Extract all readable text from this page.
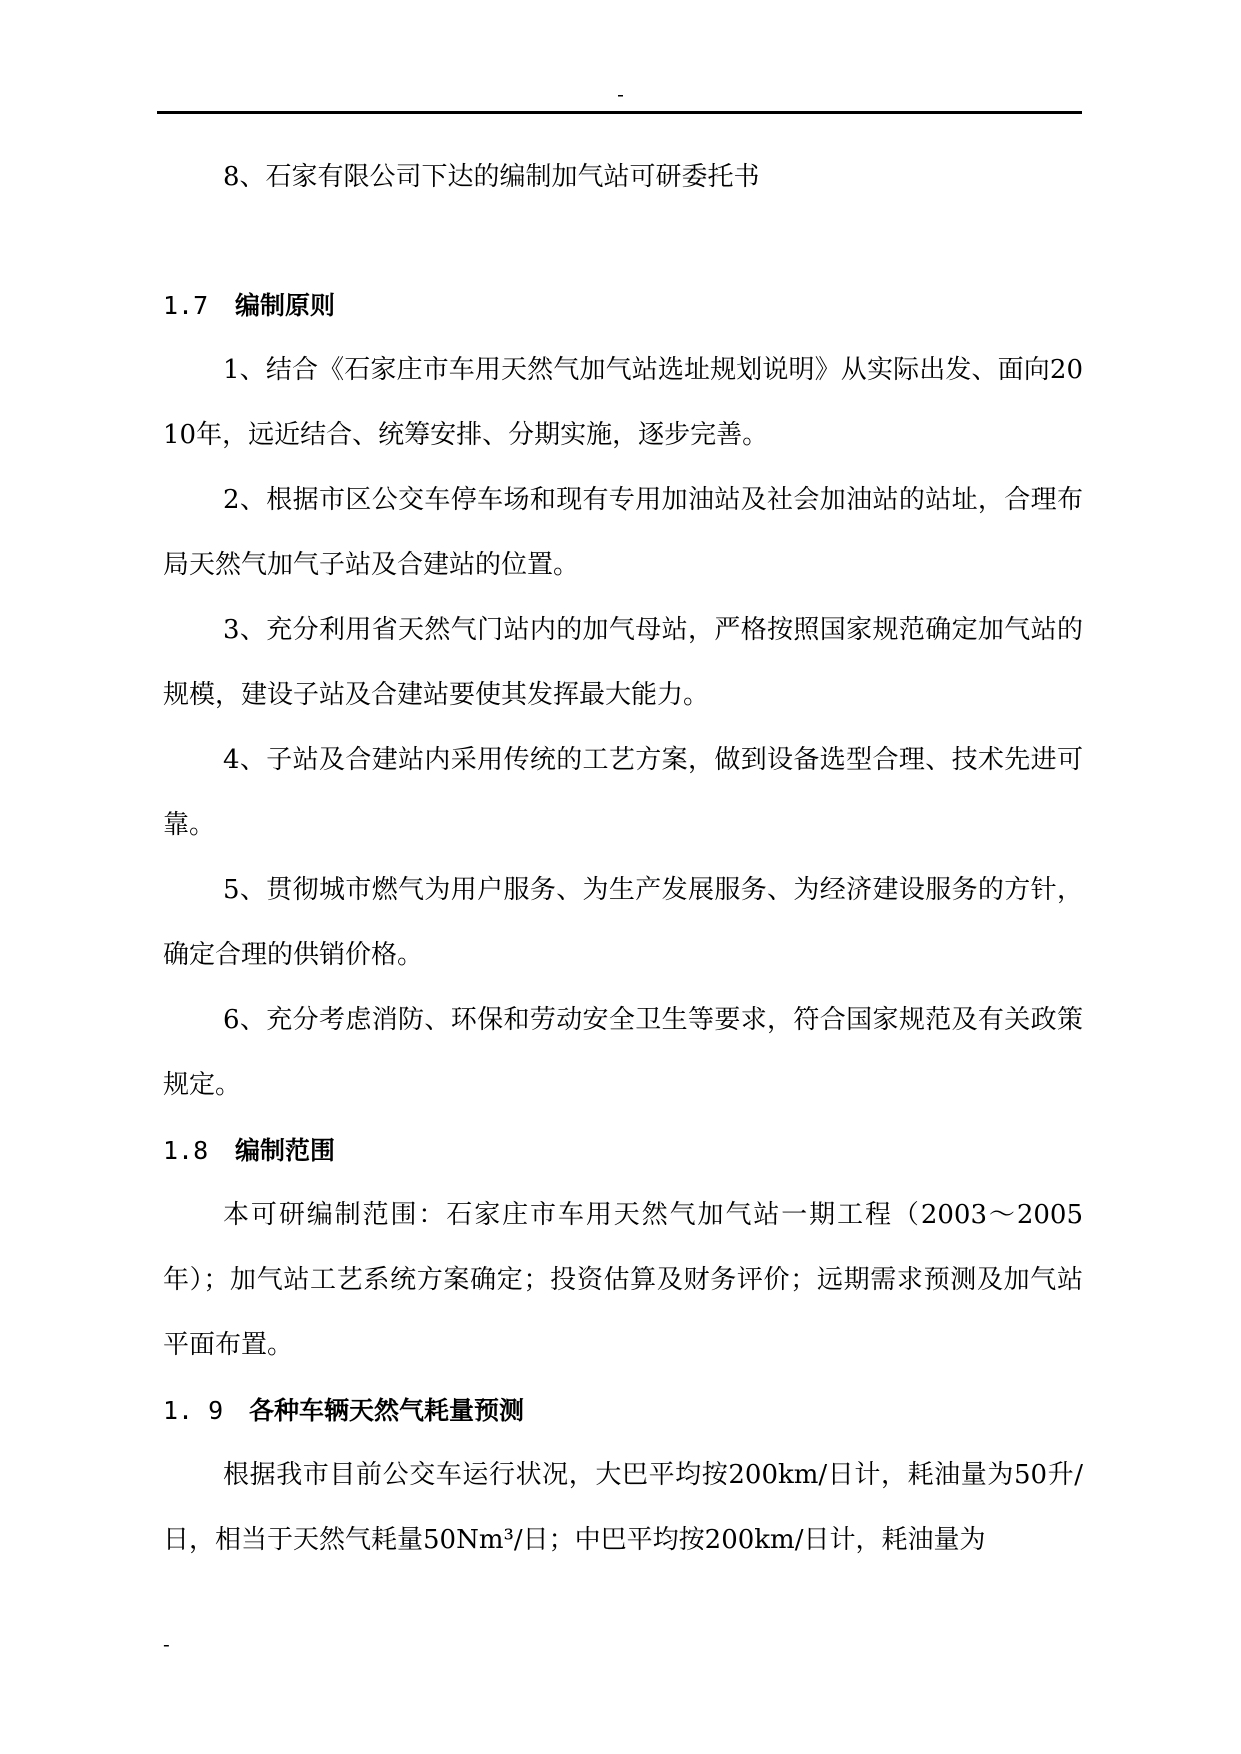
-

8、石家有限公司下达的编制加气站可研委托书

1.7 编制原则

1、结合《石家庄市车用天然气加气站选址规划说明》从实际出发、面向2010年，远近结合、统筹安排、分期实施，逐步完善。

2、根据市区公交车停车场和现有专用加油站及社会加油站的站址，合理布局天然气加气子站及合建站的位置。

3、充分利用省天然气门站内的加气母站，严格按照国家规范确定加气站的规模，建设子站及合建站要使其发挥最大能力。

4、子站及合建站内采用传统的工艺方案，做到设备选型合理、技术先进可靠。

5、贯彻城市燃气为用户服务、为生产发展服务、为经济建设服务的方针，确定合理的供销价格。

6、充分考虑消防、环保和劳动安全卫生等要求，符合国家规范及有关政策规定。

1.8 编制范围

本可研编制范围：石家庄市车用天然气加气站一期工程（2003～2005年）；加气站工艺系统方案确定；投资估算及财务评价；远期需求预测及加气站平面布置。

1. 9 各种车辆天然气耗量预测

根据我市目前公交车运行状况，大巴平均按200km/日计，耗油量为50升/日，相当于天然气耗量50Nm³/日；中巴平均按200km/日计，耗油量为

-
